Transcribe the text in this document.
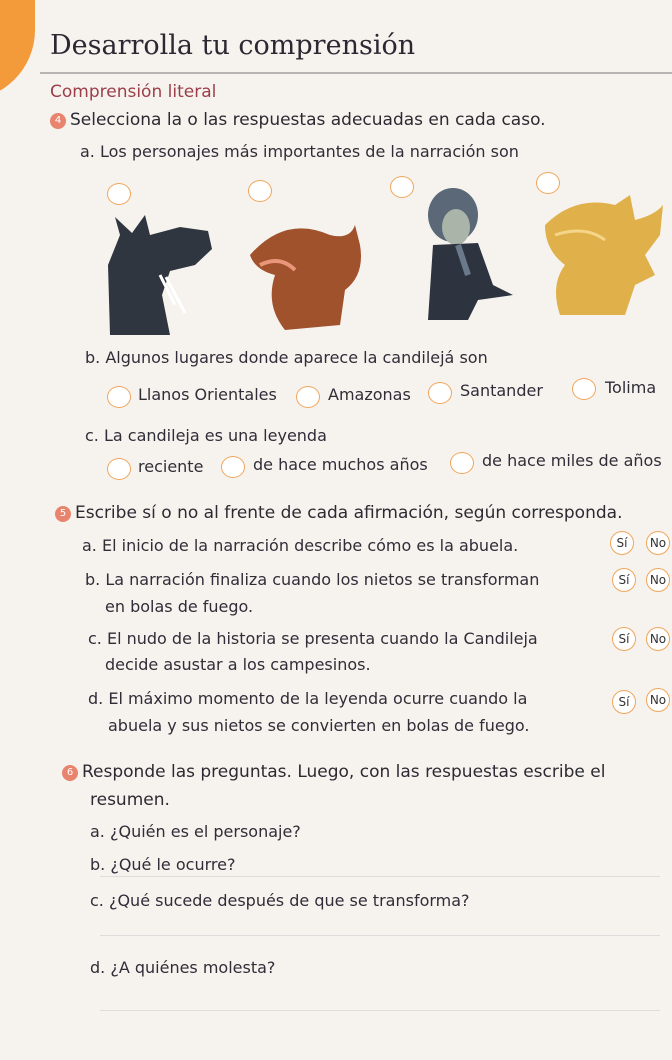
Desarrolla tu comprensión
Comprensión literal
4 Selecciona la o las respuestas adecuadas en cada caso.
a. Los personajes más importantes de la narración son
b. Algunos lugares donde aparece la candilejá son
Llanos Orientales	Amazonas	Santander	Tolima
c. La candileja es una leyenda
reciente	de hace muchos años	de hace miles de años
5 Escribe sí o no al frente de cada afirmación, según corresponda.
a. El inicio de la narración describe cómo es la abuela.	Sí	No
b. La narración finaliza cuando los nietos se transforman
en bolas de fuego.
Sí	No
c. El nudo de la historia se presenta cuando la Candileja
decide asustar a los campesinos.
Sí	No
d. El máximo momento de la leyenda ocurre cuando la
abuela y sus nietos se convierten en bolas de fuego.
Sí	No
6 Responde las preguntas. Luego, con las respuestas escribe el
resumen.
a. ¿Quién es el personaje?
b. ¿Qué le ocurre?
c. ¿Qué sucede después de que se transforma?
d. ¿A quiénes molesta?
